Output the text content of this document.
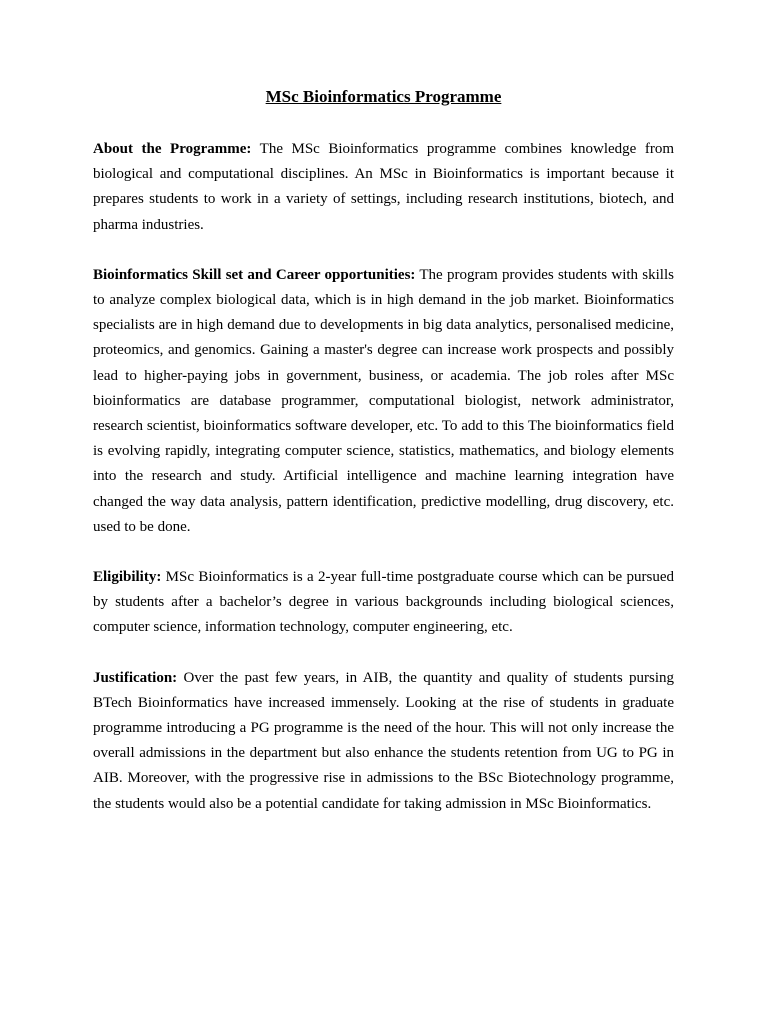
MSc Bioinformatics Programme

About the Programme: The MSc Bioinformatics programme combines knowledge from biological and computational disciplines. An MSc in Bioinformatics is important because it prepares students to work in a variety of settings, including research institutions, biotech, and pharma industries.

Bioinformatics Skill set and Career opportunities: The program provides students with skills to analyze complex biological data, which is in high demand in the job market. Bioinformatics specialists are in high demand due to developments in big data analytics, personalised medicine, proteomics, and genomics. Gaining a master's degree can increase work prospects and possibly lead to higher-paying jobs in government, business, or academia. The job roles after MSc bioinformatics are database programmer, computational biologist, network administrator, research scientist, bioinformatics software developer, etc. To add to this The bioinformatics field is evolving rapidly, integrating computer science, statistics, mathematics, and biology elements into the research and study. Artificial intelligence and machine learning integration have changed the way data analysis, pattern identification, predictive modelling, drug discovery, etc. used to be done.

Eligibility: MSc Bioinformatics is a 2-year full-time postgraduate course which can be pursued by students after a bachelor’s degree in various backgrounds including biological sciences, computer science, information technology, computer engineering, etc.

Justification: Over the past few years, in AIB, the quantity and quality of students pursing BTech Bioinformatics have increased immensely. Looking at the rise of students in graduate programme introducing a PG programme is the need of the hour. This will not only increase the overall admissions in the department but also enhance the students retention from UG to PG in AIB. Moreover, with the progressive rise in admissions to the BSc Biotechnology programme, the students would also be a potential candidate for taking admission in MSc Bioinformatics.
